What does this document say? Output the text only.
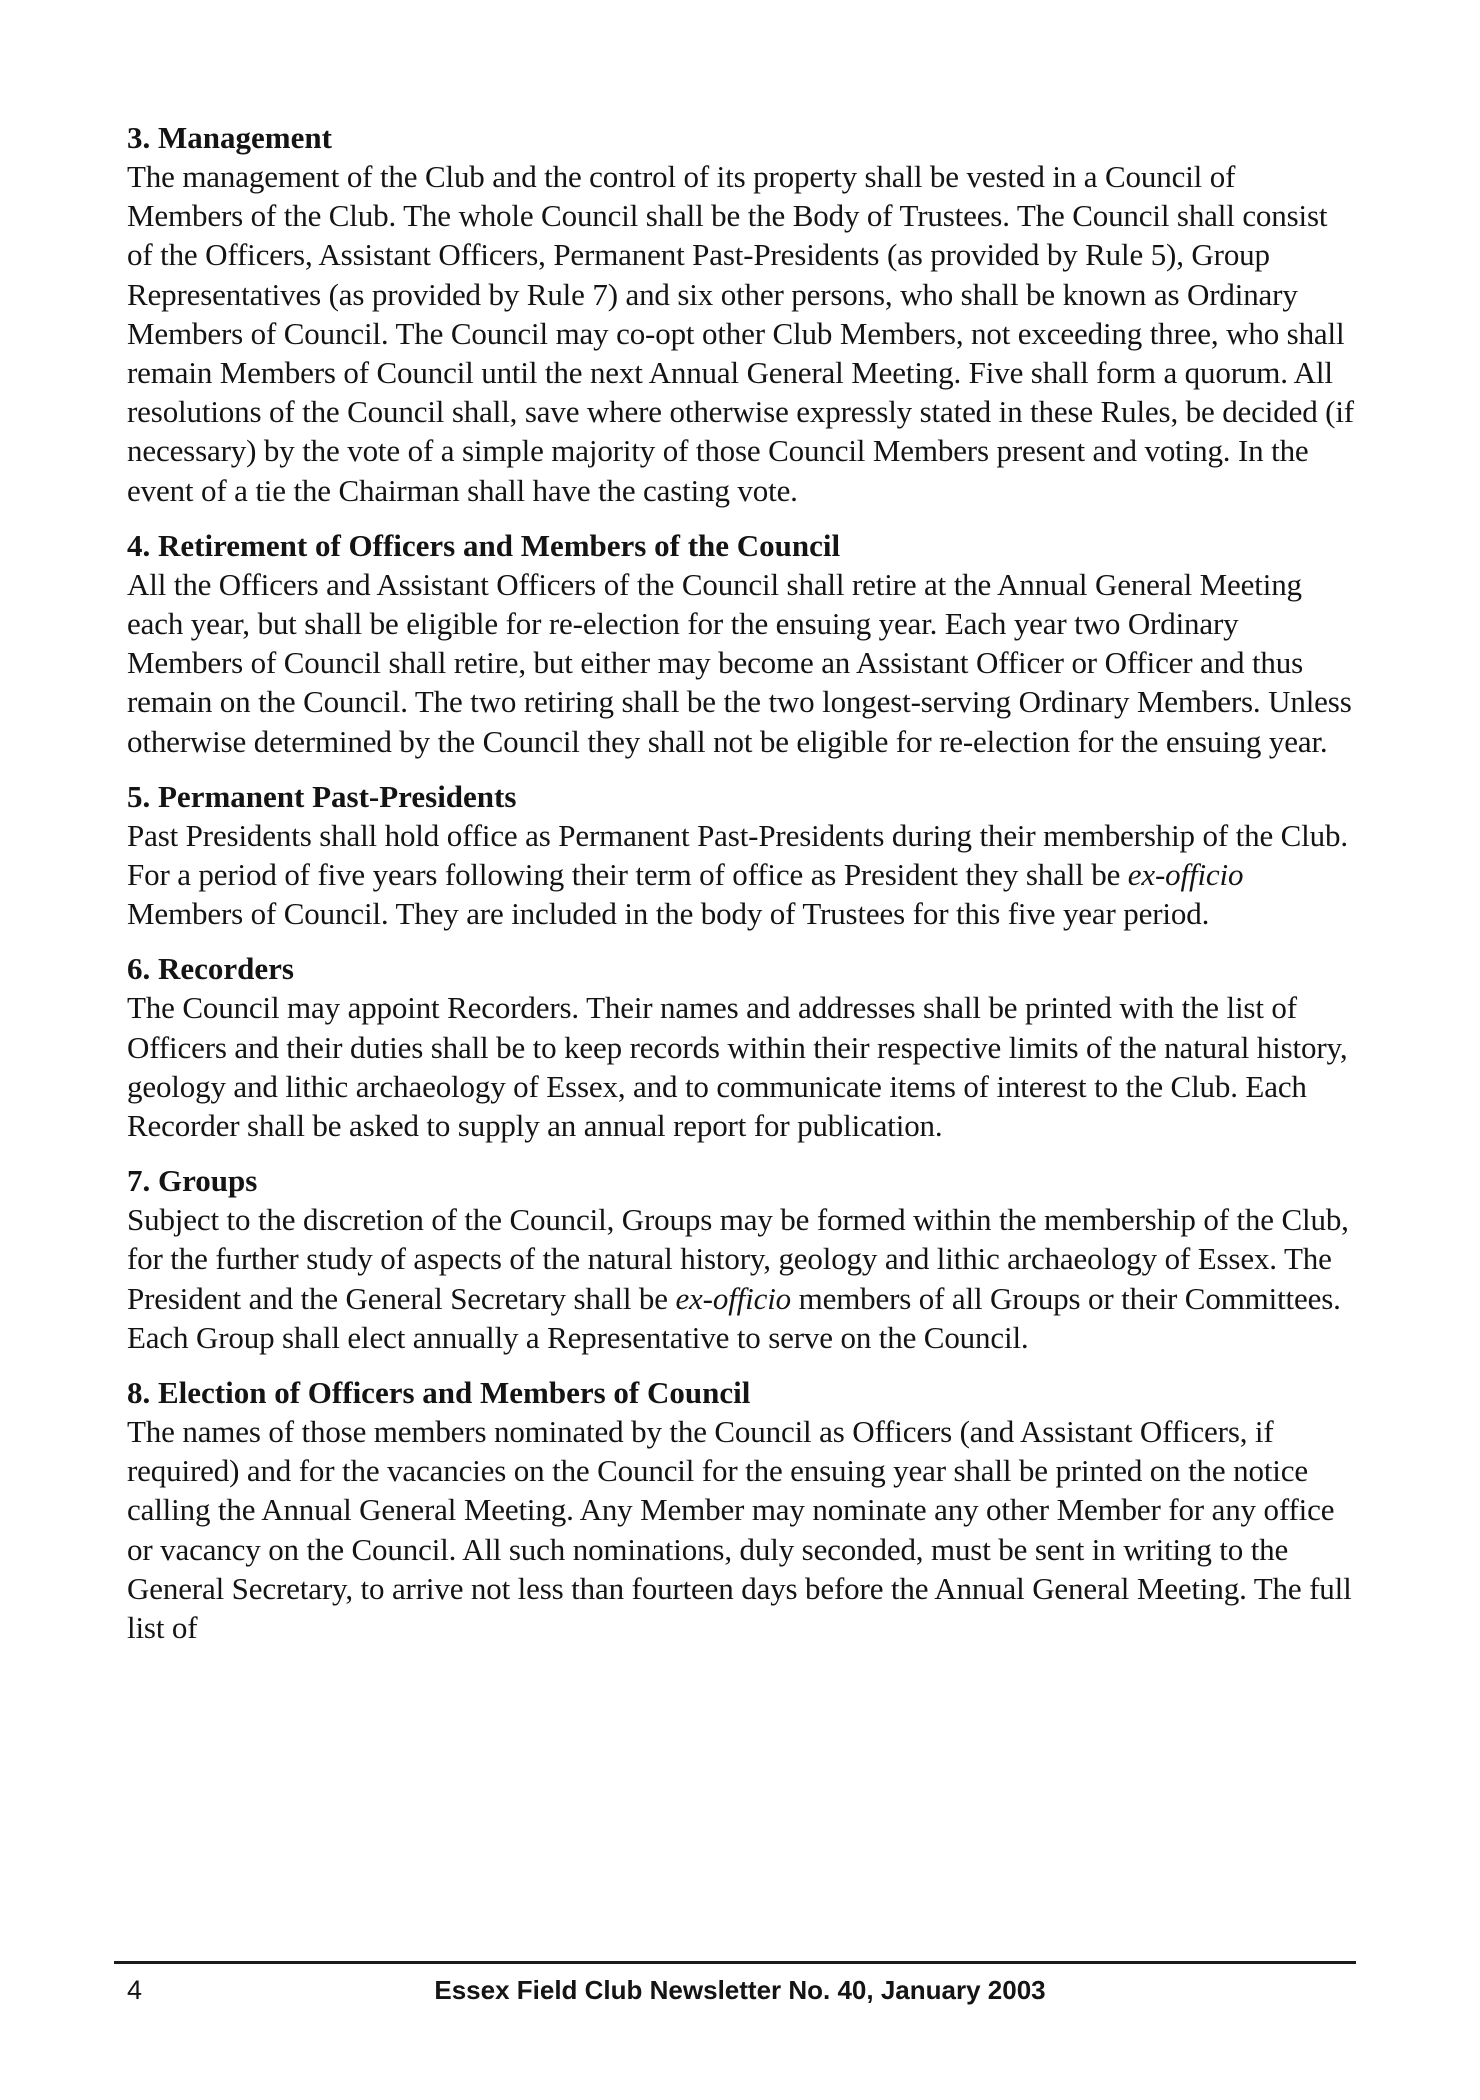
3. Management

The management of the Club and the control of its property shall be vested in a Council of Members of the Club. The whole Council shall be the Body of Trustees. The Council shall consist of the Officers, Assistant Officers, Permanent Past-Presidents (as provided by Rule 5), Group Representatives (as provided by Rule 7) and six other persons, who shall be known as Ordinary Members of Council. The Council may co-opt other Club Members, not exceeding three, who shall remain Members of Council until the next Annual General Meeting. Five shall form a quorum. All resolutions of the Council shall, save where otherwise expressly stated in these Rules, be decided (if necessary) by the vote of a simple majority of those Council Members present and voting. In the event of a tie the Chairman shall have the casting vote.

4. Retirement of Officers and Members of the Council

All the Officers and Assistant Officers of the Council shall retire at the Annual General Meeting each year, but shall be eligible for re-election for the ensuing year. Each year two Ordinary Members of Council shall retire, but either may become an Assistant Officer or Officer and thus remain on the Council. The two retiring shall be the two longest-serving Ordinary Members. Unless otherwise determined by the Council they shall not be eligible for re-election for the ensuing year.

5. Permanent Past-Presidents

Past Presidents shall hold office as Permanent Past-Presidents during their membership of the Club. For a period of five years following their term of office as President they shall be ex-officio Members of Council. They are included in the body of Trustees for this five year period.

6. Recorders

The Council may appoint Recorders. Their names and addresses shall be printed with the list of Officers and their duties shall be to keep records within their respective limits of the natural history, geology and lithic archaeology of Essex, and to communicate items of interest to the Club. Each Recorder shall be asked to supply an annual report for publication.

7. Groups

Subject to the discretion of the Council, Groups may be formed within the membership of the Club, for the further study of aspects of the natural history, geology and lithic archaeology of Essex. The President and the General Secretary shall be ex-officio members of all Groups or their Committees. Each Group shall elect annually a Representative to serve on the Council.

8. Election of Officers and Members of Council

The names of those members nominated by the Council as Officers (and Assistant Officers, if required) and for the vacancies on the Council for the ensuing year shall be printed on the notice calling the Annual General Meeting. Any Member may nominate any other Member for any office or vacancy on the Council. All such nominations, duly seconded, must be sent in writing to the General Secretary, to arrive not less than fourteen days before the Annual General Meeting. The full list of

4	Essex Field Club Newsletter No. 40, January 2003
